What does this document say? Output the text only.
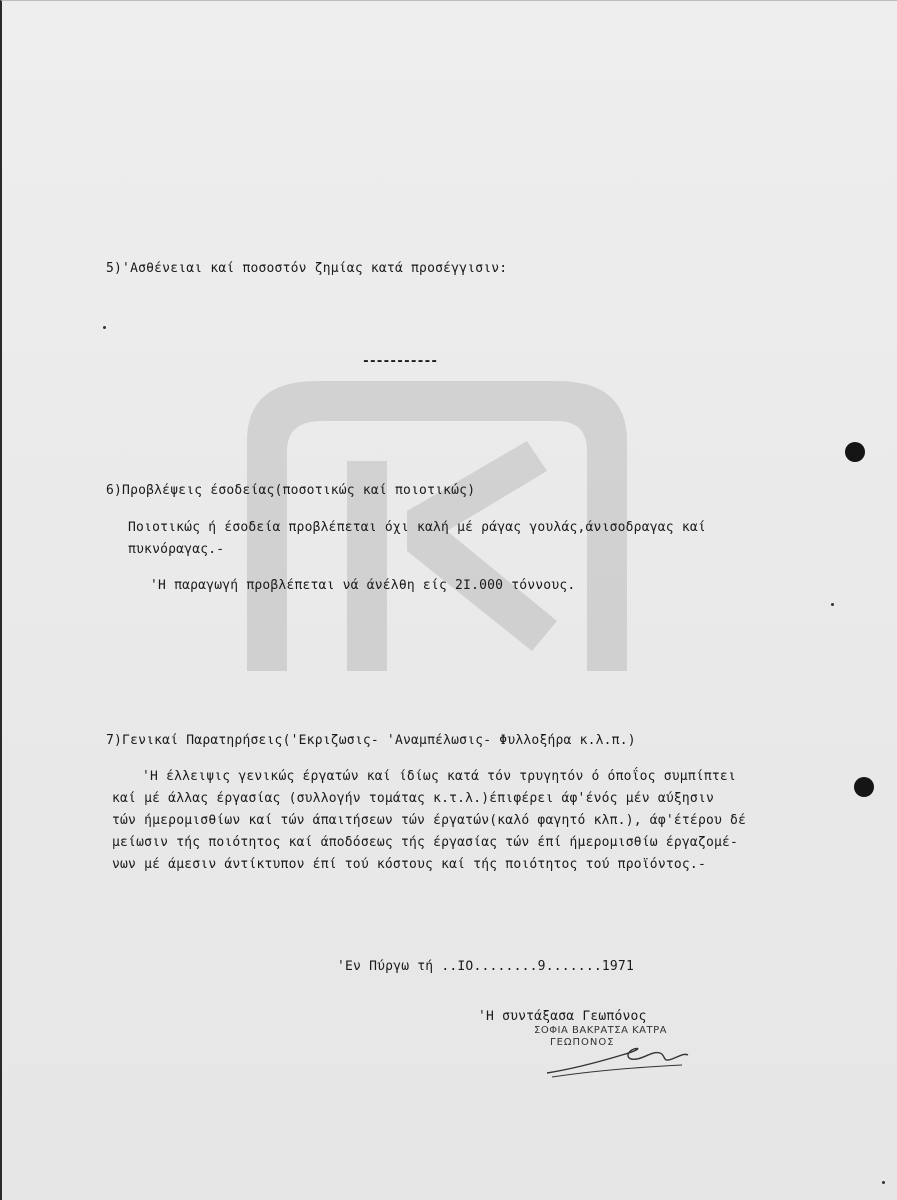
5)'Ασθένειαι καί ποσοστόν ζημίας κατά προσέγγισιν:
-----------
6)Προβλέψεις έσοδείας(ποσοτικώς καί ποιοτικώς)
Ποιοτικώς ή έσοδεία προβλέπεται όχι καλή μέ ράγας γουλάς,άνισοδραγας καί
πυκνόραγας.-
'Η παραγωγή προβλέπεται νά άνέλθη είς 2Ι.000 τόννους.
7)Γενικαί Παρατηρήσεις('Εκριζωσις- 'Αναμπέλωσις- Φυλλοξήρα κ.λ.π.)
'Η έλλειψις γενικώς έργατών καί ίδίως κατά τόν τρυγητόν ό όποΐος συμπίπτει
καί μέ άλλας έργασίας (συλλογήν τομάτας κ.τ.λ.)έπιφέρει άφ'ένός μέν αύξησιν
τών ήμερομισθίων καί τών άπαιτήσεων τών έργατών(καλό φαγητό κλπ.), άφ'έτέρου δέ
μείωσιν τής ποιότητος καί άποδόσεως τής έργασίας τών έπί ήμερομισθίω έργαζομέ-
νων μέ άμεσιν άντίκτυπον έπί τού κόστους καί τής ποιότητος τού προϊόντος.-
'Εν Πύργω τή ..ΙΟ........9.......1971
'Η συντάξασα Γεωπόνος
ΣΟΦΙΑ ΒΑΚΡΑΤΣΑ ΚΑΤΡΑ
ΓΕΩΠΟΝΟΣ
